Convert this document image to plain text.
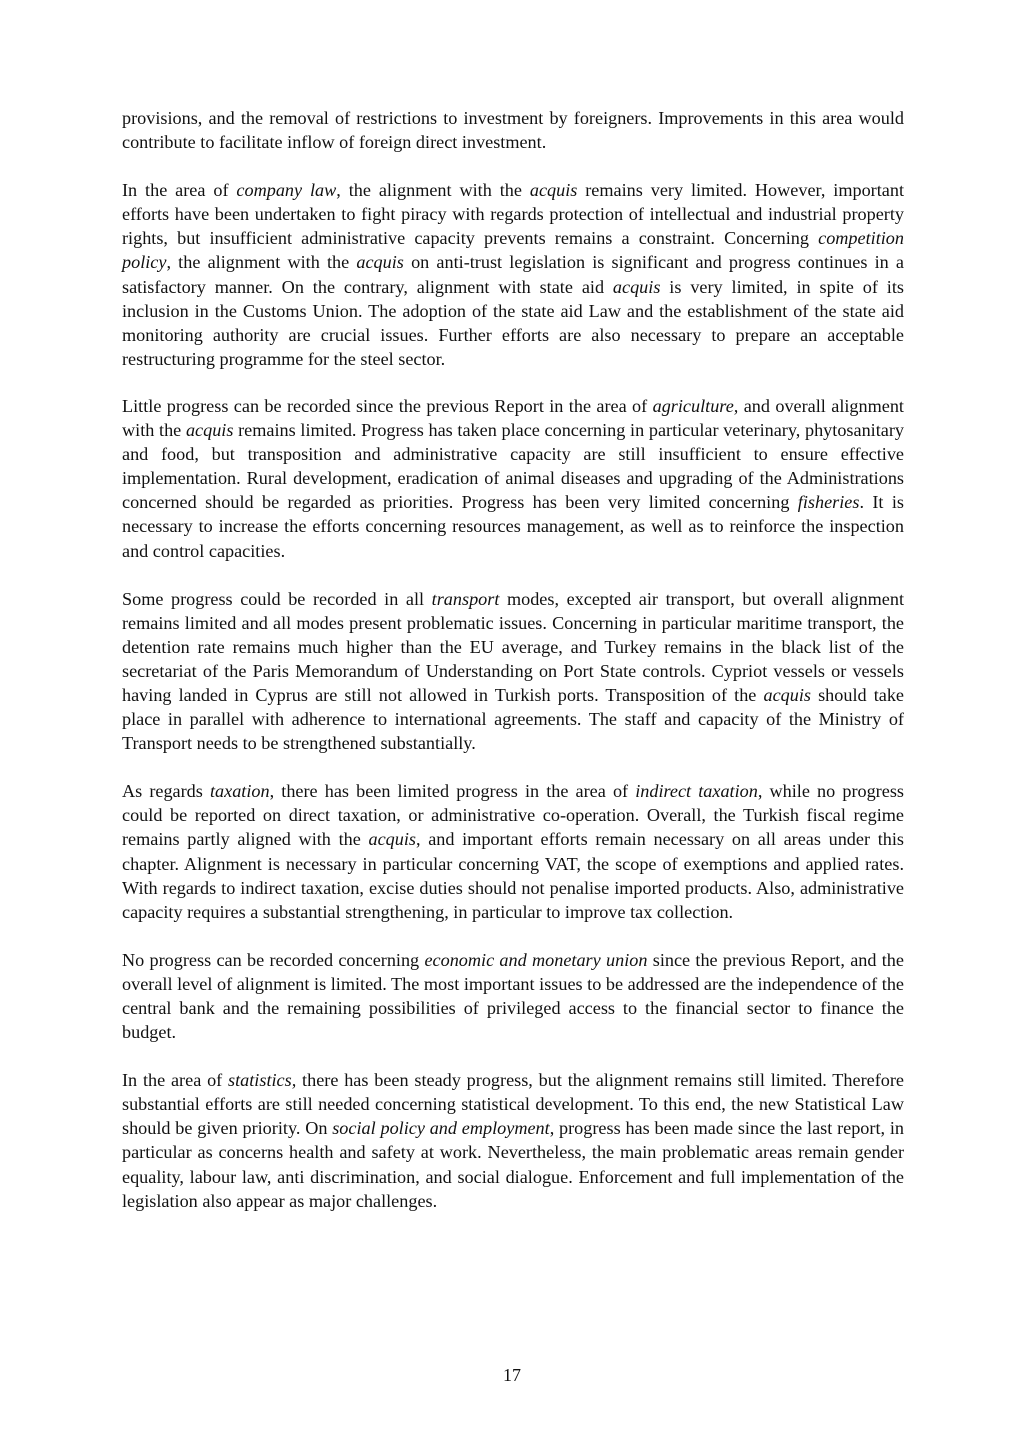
provisions, and the removal of restrictions to investment by foreigners. Improvements in this area would contribute to facilitate inflow of foreign direct investment.

In the area of company law, the alignment with the acquis remains very limited. However, important efforts have been undertaken to fight piracy with regards protection of intellectual and industrial property rights, but insufficient administrative capacity prevents remains a constraint. Concerning competition policy, the alignment with the acquis on anti-trust legislation is significant and progress continues in a satisfactory manner. On the contrary, alignment with state aid acquis is very limited, in spite of its inclusion in the Customs Union. The adoption of the state aid Law and the establishment of the state aid monitoring authority are crucial issues. Further efforts are also necessary to prepare an acceptable restructuring programme for the steel sector.

Little progress can be recorded since the previous Report in the area of agriculture, and overall alignment with the acquis remains limited. Progress has taken place concerning in particular veterinary, phytosanitary and food, but transposition and administrative capacity are still insufficient to ensure effective implementation. Rural development, eradication of animal diseases and upgrading of the Administrations concerned should be regarded as priorities. Progress has been very limited concerning fisheries. It is necessary to increase the efforts concerning resources management, as well as to reinforce the inspection and control capacities.

Some progress could be recorded in all transport modes, excepted air transport, but overall alignment remains limited and all modes present problematic issues. Concerning in particular maritime transport, the detention rate remains much higher than the EU average, and Turkey remains in the black list of the secretariat of the Paris Memorandum of Understanding on Port State controls. Cypriot vessels or vessels having landed in Cyprus are still not allowed in Turkish ports. Transposition of the acquis should take place in parallel with adherence to international agreements. The staff and capacity of the Ministry of Transport needs to be strengthened substantially.

As regards taxation, there has been limited progress in the area of indirect taxation, while no progress could be reported on direct taxation, or administrative co-operation. Overall, the Turkish fiscal regime remains partly aligned with the acquis, and important efforts remain necessary on all areas under this chapter. Alignment is necessary in particular concerning VAT, the scope of exemptions and applied rates. With regards to indirect taxation, excise duties should not penalise imported products. Also, administrative capacity requires a substantial strengthening, in particular to improve tax collection.

No progress can be recorded concerning economic and monetary union since the previous Report, and the overall level of alignment is limited. The most important issues to be addressed are the independence of the central bank and the remaining possibilities of privileged access to the financial sector to finance the budget.

In the area of statistics, there has been steady progress, but the alignment remains still limited. Therefore substantial efforts are still needed concerning statistical development. To this end, the new Statistical Law should be given priority. On social policy and employment, progress has been made since the last report, in particular as concerns health and safety at work. Nevertheless, the main problematic areas remain gender equality, labour law, anti discrimination, and social dialogue. Enforcement and full implementation of the legislation also appear as major challenges.

17
